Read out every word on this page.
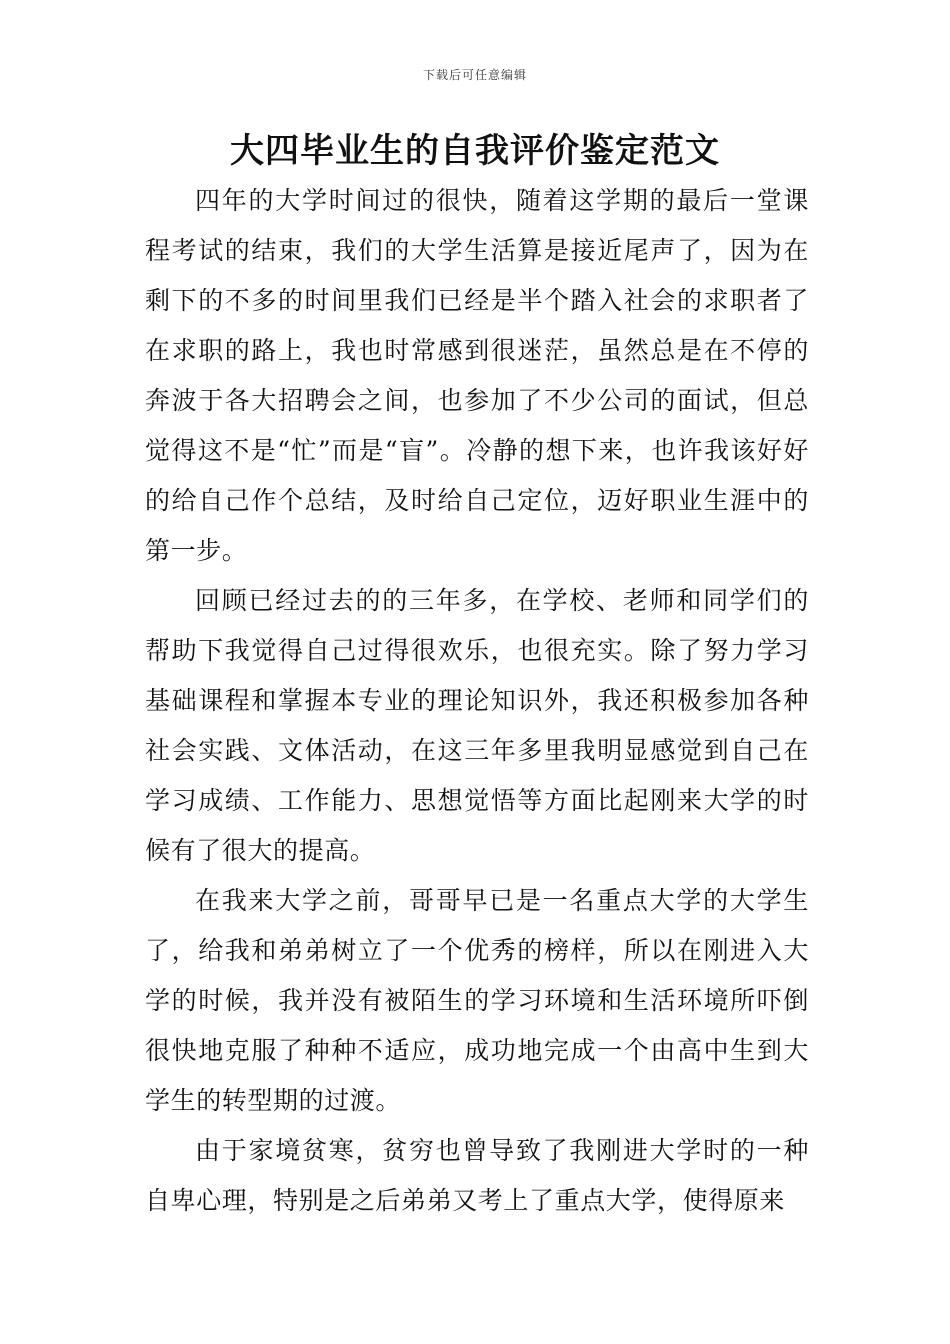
下载后可任意编辑
大四毕业生的自我评价鉴定范文

四年的大学时间过的很快，随着这学期的最后一堂课程考试的结束，我们的大学生活算是接近尾声了，因为在剩下的不多的时间里我们已经是半个踏入社会的求职者了在求职的路上，我也时常感到很迷茫，虽然总是在不停的奔波于各大招聘会之间，也参加了不少公司的面试，但总觉得这不是“忙”而是“盲”。冷静的想下来，也许我该好好的给自己作个总结，及时给自己定位，迈好职业生涯中的第一步。

回顾已经过去的的三年多，在学校、老师和同学们的帮助下我觉得自己过得很欢乐，也很充实。除了努力学习基础课程和掌握本专业的理论知识外，我还积极参加各种社会实践、文体活动，在这三年多里我明显感觉到自己在学习成绩、工作能力、思想觉悟等方面比起刚来大学的时候有了很大的提高。

在我来大学之前，哥哥早已是一名重点大学的大学生了，给我和弟弟树立了一个优秀的榜样，所以在刚进入大学的时候，我并没有被陌生的学习环境和生活环境所吓倒很快地克服了种种不适应，成功地完成一个由高中生到大学生的转型期的过渡。

由于家境贫寒，贫穷也曾导致了我刚进大学时的一种自卑心理，特别是之后弟弟又考上了重点大学，使得原来
